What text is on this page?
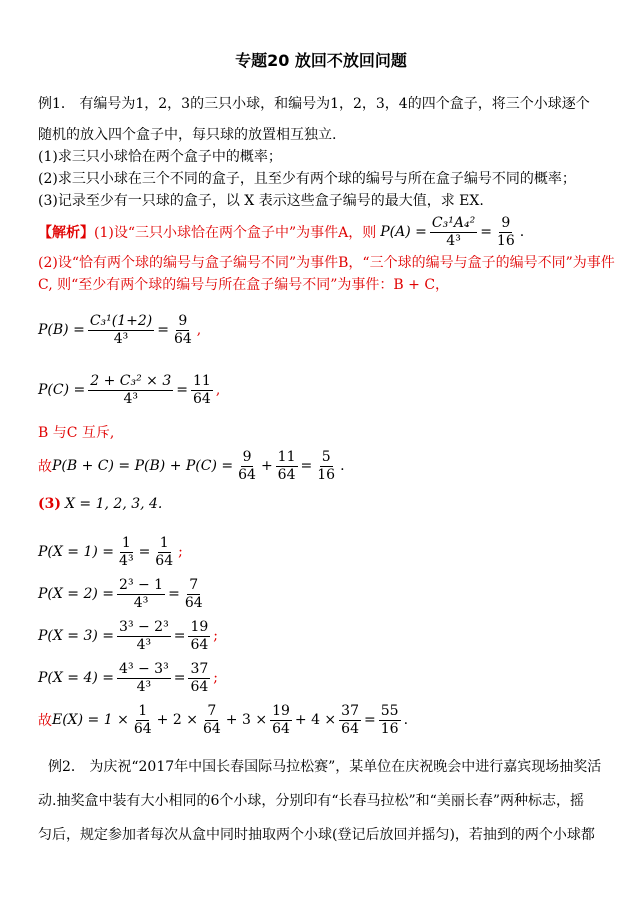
专题20 放回不放回问题
例1． 有编号为1，2，3的三只小球，和编号为1，2，3，4的四个盒子，将三个小球逐个
随机的放入四个盒子中，每只球的放置相互独立.
(1)求三只小球恰在两个盒子中的概率；
(2)求三只小球在三个不同的盒子，且至少有两个球的编号与所在盒子编号不同的概率；
(3)记录至少有一只球的盒子，以 X 表示这些盒子编号的最大值，求 EX.
【解析】 (1)设“三只小球恰在两个盒子中”为事件A，则 $P(A) = \frac{\text{C₃¹A₄²}}{\text{4³}} = \frac{9}{16}$ .
(2)设“恰有两个球的编号与盒子编号不同”为事件B，“三个球的编号与盒子的编号不同”为事件
C, 则“至少有两个球的编号与所在盒子编号不同”为事件：B + C，
$P(B) = \frac{\text{C₃¹(1+2)}}{\text{4³}} = \frac{9}{64}$ ,
$P(C) = \frac{\text{2 + C₃² × 3}}{\text{4³}} = \frac{11}{64}$ ,
B 与C 互斥,
故 $P(B + C) = P(B) + P(C) = \frac{9}{64} + \frac{11}{64} = \frac{5}{16}$ .
(3) X = 1, 2, 3, 4.
$P(X = 1) = \frac{1}{\text{4³}} = \frac{1}{64}$ ;
$P(X = 2) = \frac{\text{2³ − 1}}{\text{4³}} = \frac{7}{64}$
$P(X = 3) = \frac{\text{3³ − 2³}}{\text{4³}} = \frac{19}{64}$ ;
$P(X = 4) = \frac{\text{4³ − 3³}}{\text{4³}} = \frac{37}{64}$ ;
故 $E(X) = 1 \times \frac{1}{64} + 2 \times \frac{7}{64} + 3 \times \frac{19}{64} + 4 \times \frac{37}{64} = \frac{55}{16}$ .
例2． 为庆祝“2017年中国长春国际马拉松赛”，某单位在庆祝晚会中进行嘉宾现场抽奖活
动.抽奖盒中装有大小相同的6个小球，分别印有“长春马拉松”和“美丽长春”两种标志，摇
匀后，规定参加者每次从盒中同时抽取两个小球(登记后放回并摇匀)，若抽到的两个小球都
